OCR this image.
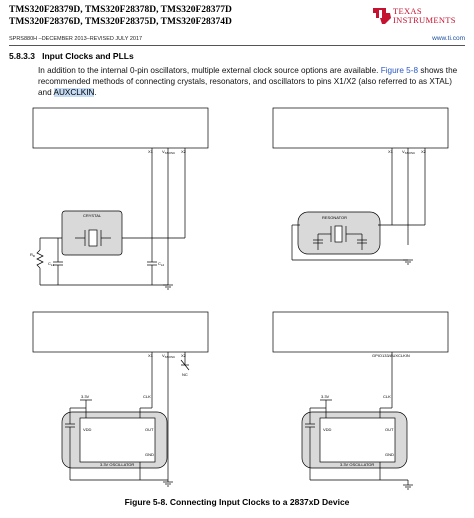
TMS320F28379D, TMS320F28378D, TMS320F28377D
TMS320F28376D, TMS320F28375D, TMS320F28374D
SPRS880H –DECEMBER 2013–REVISED JULY 2017	www.ti.com
TEXAS
INSTRUMENTS
5.8.3.3 Input Clocks and PLLs
In addition to the internal 0-pin oscillators, multiple external clock source options are available. Figure 5-8 shows the recommended methods of connecting crystals, resonators, and oscillators to pins X1/X2 (also referred to as XTAL) and AUXCLKIN.
X1 $V_{SSOSC}$ X2
CRYSTAL
$R_D$
$C_{L1}$	$C_{L2}$
X1 $V_{SSOSC}$ X2
RESONATOR
X1 $V_{SSOSC}$ X2
NC
3.3V	CLK
VDD	OUT
GND
3.3V OSCILLATOR
GPIO133/AUXCLKIN
3.3V	CLK
VDD	OUT
GND
3.3V OSCILLATOR
Figure 5-8. Connecting Input Clocks to a 2837xD Device
